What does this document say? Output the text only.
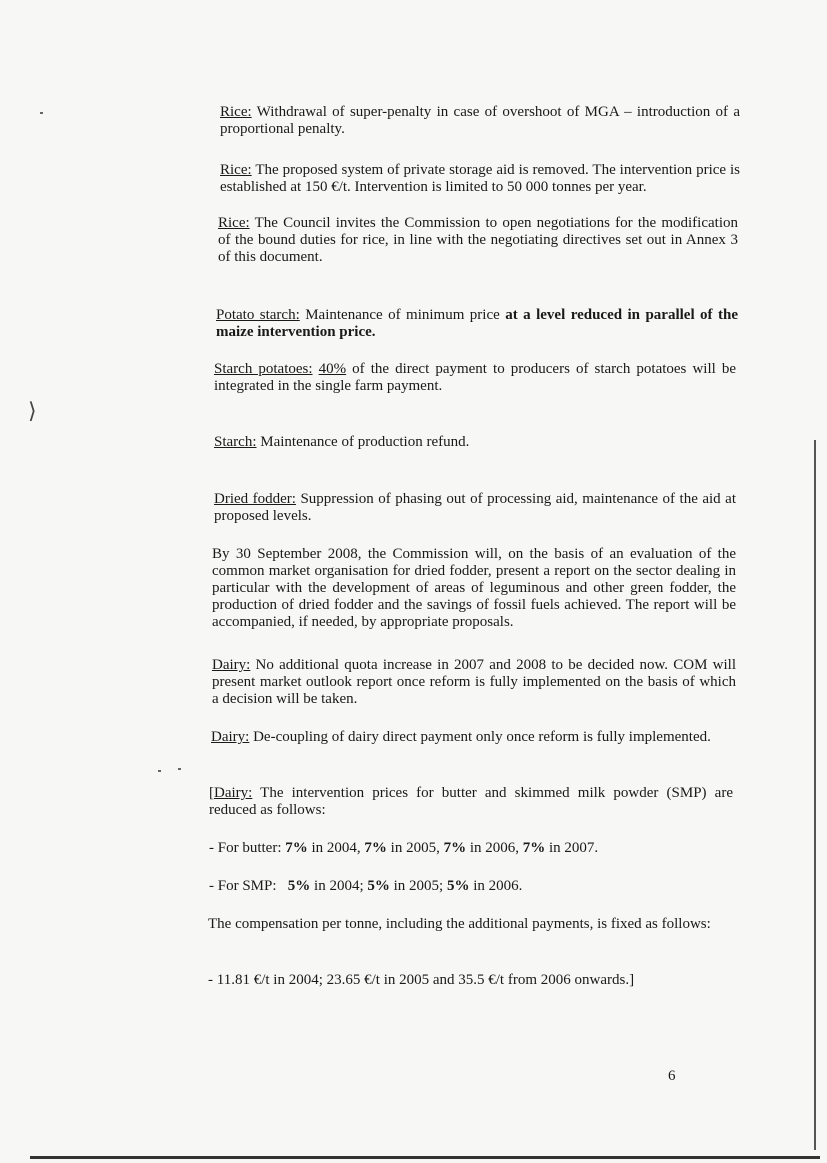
Rice: Withdrawal of super-penalty in case of overshoot of MGA – introduction of a proportional penalty.

Rice: The proposed system of private storage aid is removed. The intervention price is established at 150 €/t. Intervention is limited to 50 000 tonnes per year.

Rice: The Council invites the Commission to open negotiations for the modification of the bound duties for rice, in line with the negotiating directives set out in Annex 3 of this document.

Potato starch: Maintenance of minimum price at a level reduced in parallel of the maize intervention price.

Starch potatoes: 40% of the direct payment to producers of starch potatoes will be integrated in the single farm payment.

Starch: Maintenance of production refund.

Dried fodder: Suppression of phasing out of processing aid, maintenance of the aid at proposed levels.

By 30 September 2008, the Commission will, on the basis of an evaluation of the common market organisation for dried fodder, present a report on the sector dealing in particular with the development of areas of leguminous and other green fodder, the production of dried fodder and the savings of fossil fuels achieved. The report will be accompanied, if needed, by appropriate proposals.

Dairy: No additional quota increase in 2007 and 2008 to be decided now. COM will present market outlook report once reform is fully implemented on the basis of which a decision will be taken.

Dairy: De-coupling of dairy direct payment only once reform is fully implemented.

[Dairy: The intervention prices for butter and skimmed milk powder (SMP) are reduced as follows:

- For butter: 7% in 2004, 7% in 2005, 7% in 2006, 7% in 2007.

- For SMP:   5% in 2004; 5% in 2005; 5% in 2006.

The compensation per tonne, including the additional payments, is fixed as follows:

- 11.81 €/t in 2004; 23.65 €/t in 2005 and 35.5 €/t from 2006 onwards.]

6
⟩
